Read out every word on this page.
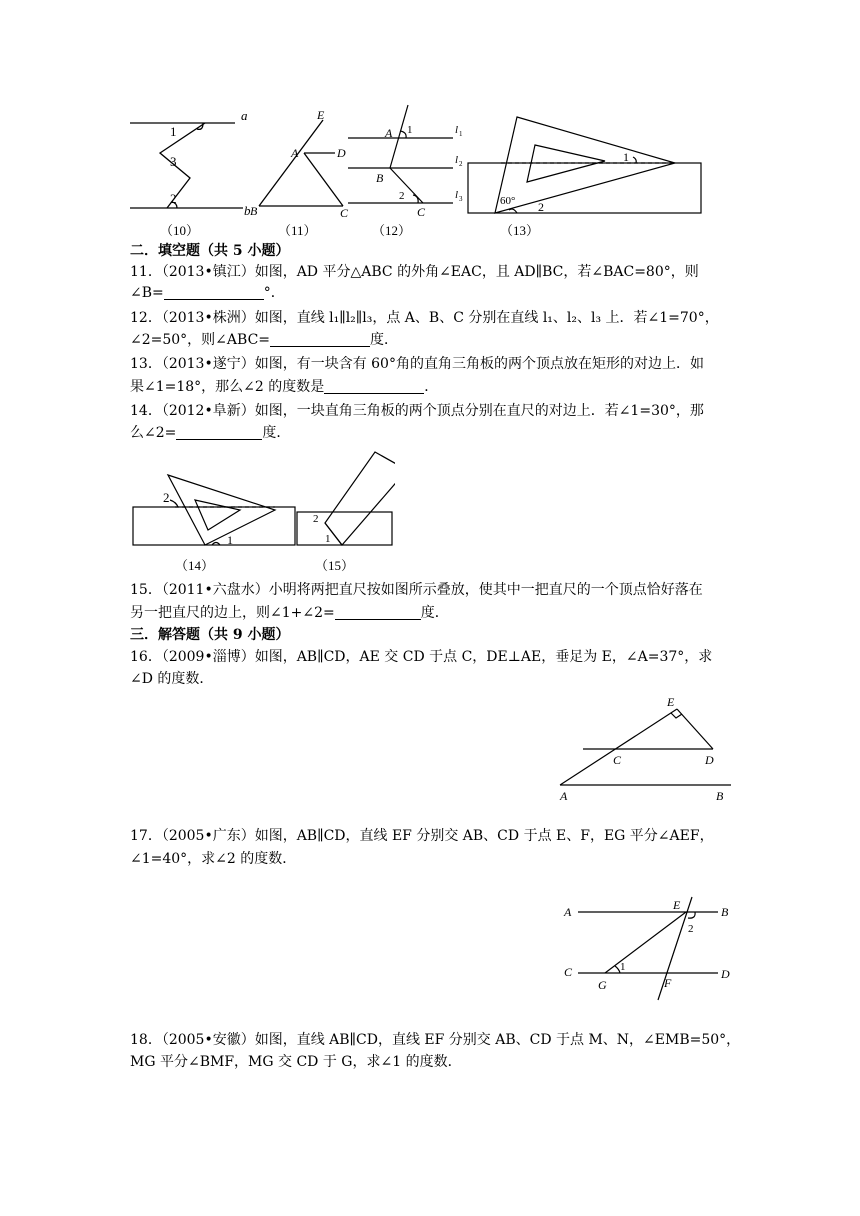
a
b
1
3
2
（10）
E
A	D
B	C
（11）
A 1
B
2
C
l 1
l 2
l 3
（12）
60°
1
2
（13）
二．填空题（共 5 小题）
11．（2013•镇江）如图，AD 平分△ABC 的外角∠EAC，且 AD∥BC，若∠BAC=80°，则
∠B=	°．
12．（2013•株洲）如图，直线 l₁∥l₂∥l₃，点 A、B、C 分别在直线 l₁、l₂、l₃ 上．若∠1=70°，
∠2=50°，则∠ABC=	度．
13．（2013•遂宁）如图，有一块含有 60°角的直角三角板的两个顶点放在矩形的对边上．如
果∠1=18°，那么∠2 的度数是	．
14．（2012•阜新）如图，一块直角三角板的两个顶点分别在直尺的对边上．若∠1=30°，那
么∠2=	度．
2
1
（14）
2
1
（15）
15．（2011•六盘水）小明将两把直尺按如图所示叠放，使其中一把直尺的一个顶点恰好落在
另一把直尺的边上，则∠1+∠2=	度．
三．解答题（共 9 小题）
16．（2009•淄博）如图，AB∥CD，AE 交 CD 于点 C，DE⊥AE，垂足为 E，∠A=37°，求
∠D 的度数．
E
C	D
A	B
17．（2005•广东）如图，AB∥CD，直线 EF 分别交 AB、CD 于点 E、F，EG 平分∠AEF，
∠1=40°，求∠2 的度数．
A	E	B
2
C	1
G	F
D
18．（2005•安徽）如图，直线 AB∥CD，直线 EF 分别交 AB、CD 于点 M、N，∠EMB=50°，
MG 平分∠BMF，MG 交 CD 于 G，求∠1 的度数．
